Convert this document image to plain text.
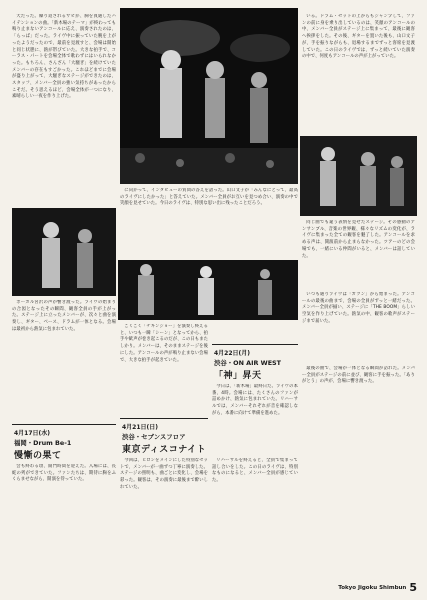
大だった。繰り返されるサビが、胸を貫通したハイテンションの曲。「新木場のテーマ」が終わっても鳴り止まないアンコールに応え、演奏されたのは、「らっぱ」だった。ライヴ中に振っていた腕を上がったようだったので、最前を見渡すと、会場は開始と同じ状態に、熱が帯びていた。大きな拍手で、コーラス・パートを会場全体で歌わずにはいられなかった。もちろん、さんざん「大騒ぎ」を続けていたメンバーの存在もすごかった。これほどまでに会場が盛り上がって、大騒ぎなステージができたのは、スタッフ、メンバー全員の強い気持ちがあったからこそだ。そう思えるほど、会場全体が一つになり、素晴らしい一夜を作り上げた。

いる。ドラム・セットの上からもジャンプして、ファンの前に身を乗り出しているのは、笑顔のアンコールの中、メンバー全員がステージ上に集まって、最後に観客へ挨拶をした。その後、ギターを置いた後も、山口文子が、手を振りながらも、退場するまでずっと客席を見渡していた。この日のライヴでは、ずっと続いていた演奏の中で、何度もアンコールの声が上がっていた。

に向かって、インタビューの質問の答えを語った。山口文子が「みんなにとって、最高のライヴにしたかった」と答えていた。メンバー全員がお互いを見つめ合い、演奏の中で笑顔を見せていた。今日のライヴは、特別な思い出に残ったことだろう。

同じ曲でも違う表情を見せたステージ。その感動のアンサンブル、音楽の世界観、様々なリズムの変化が、ライヴに集まった全ての観客を魅了した。アンコールを求める声は、開演前から止まらなかった。ツアーのどの会場でも、一緒にいる仲間がいると、メンバーは話していた。

いつも通りライヴは「ガツン」から始まった。アンコールの最後の曲まで、会場の全員がずっと一緒だった。メンバー全員が揃い、ステージに「THE BOOM」らしい空気を作り上げていた。熱気の中、観客の歌声がステージまで届いた。

ボーカル宮沢の声が響き渡った。ライヴの始まりの合図となったその瞬間、観客全員の手が上がった。ステージ上に立ったメンバーが、次々と曲を演奏し、ギター、ベース、ドラムが一体となる。会場は最初から熱気に包まれていた。

ごくごく「チキンジョー」を演奏し終えると、いつも一瞬「シーン」となってから、拍手や歓声が巻き起こるのだが、この日もまたしかり。メンバーは、そのままステージを後にした。アンコールの声が鳴り止まない会場で、大きな拍手が起きていた。

4月22日(月)
渋谷・ON AIR WEST
「神」昇天

今日は、「新木場」最終日だ。ライヴの本番、4時。会場には、たくさんのファンが詰めかけ、熱気に包まれていた。リハーサルでは、メンバーそれぞれが音を確認しながら、本番に向けて準備を進めた。

4月21日(日)
渋谷・セブンスフロア
東京ディスコナイト
4月17日(水)
福岡・Drum Be-1
慢慚の果て

会も終わる頃、開門時間を迎えた。入場には、長蛇の列ができていた。ファンたちは、期待に胸をふくらませながら、開演を待っていた。

今回は、ヒロシをメインにした特別なセットで、メンバーが一曲ずつ丁寧に演奏した。ステージの照明も、曲ごとに変化し、会場を彩った。観客は、その演奏に最後まで酔いしれていた。

リハーサルを終えると、全員で集まって話し合いをした。この日のライヴは、特別なものになると、メンバー全員が感じていた。

最後の曲で、会場が一体となる瞬間が訪れた。メンバー全員がステージの前に並び、観客に手を振った。「ありがとう」の声が、会場に響き渡った。

Tokyo Jigoku Shimbun 5
